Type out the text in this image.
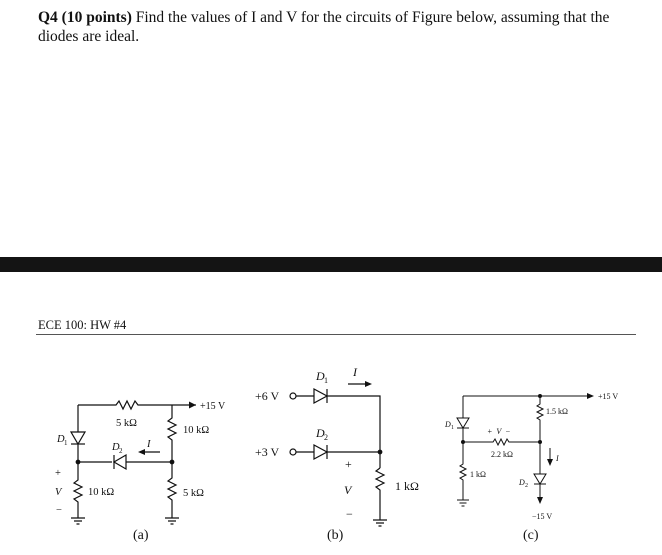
Q4 (10 points) Find the values of I and V for the circuits of Figure below, assuming that the diodes are ideal.
ECE 100: HW #4
5 kΩ
10 kΩ
10 kΩ	5 kΩ
+15 V
D 1	D 2
I
+
V
−
(a)
+6 V
+3 V
D 1
D 2
I
1 kΩ
+
V
−
(b)
+15 V
−15 V
1.5 kΩ
2.2 kΩ
1 kΩ
D 1
D 2
I
+  V  −
(c)
